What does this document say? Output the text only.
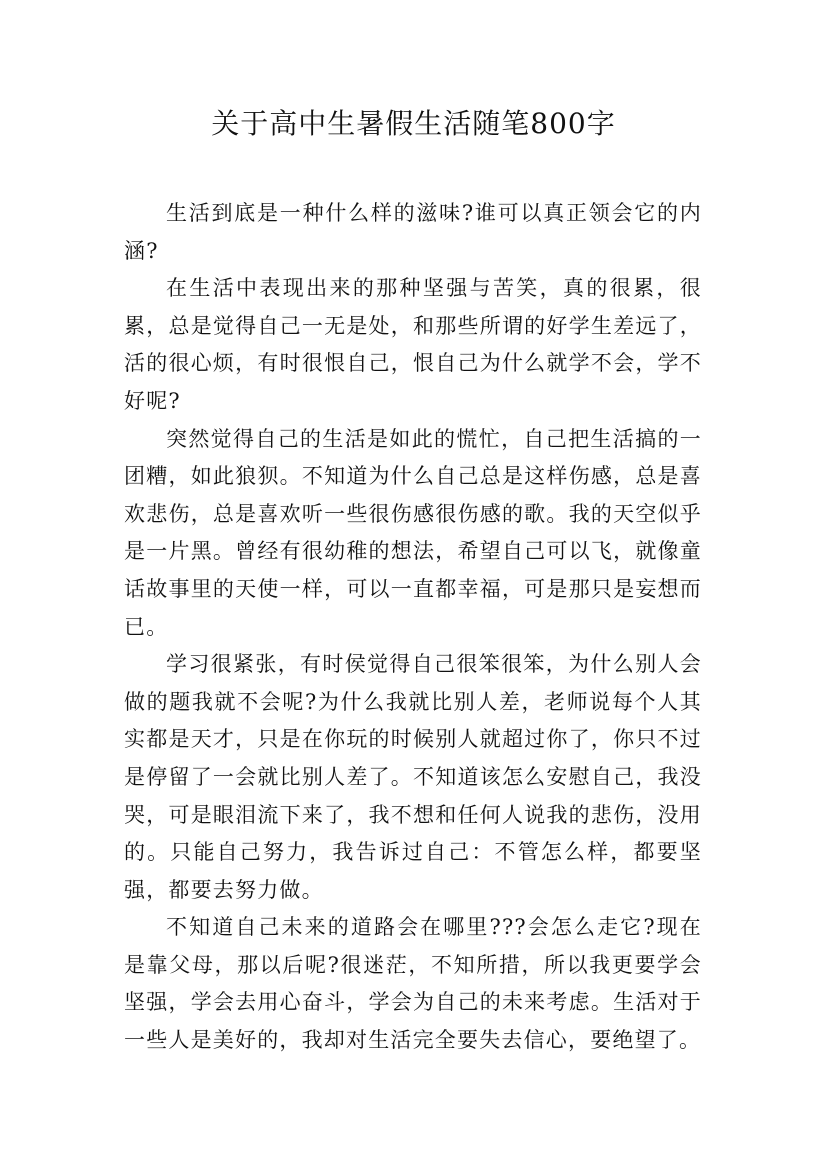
关于高中生暑假生活随笔800字

生活到底是一种什么样的滋味?谁可以真正领会它的内涵?

在生活中表现出来的那种坚强与苦笑，真的很累，很累，总是觉得自己一无是处，和那些所谓的好学生差远了，活的很心烦，有时很恨自己，恨自己为什么就学不会，学不好呢?

突然觉得自己的生活是如此的慌忙，自己把生活搞的一团糟，如此狼狈。不知道为什么自己总是这样伤感，总是喜欢悲伤，总是喜欢听一些很伤感很伤感的歌。我的天空似乎是一片黑。曾经有很幼稚的想法，希望自己可以飞，就像童话故事里的天使一样，可以一直都幸福，可是那只是妄想而已。

学习很紧张，有时侯觉得自己很笨很笨，为什么别人会做的题我就不会呢?为什么我就比别人差，老师说每个人其实都是天才，只是在你玩的时候别人就超过你了，你只不过是停留了一会就比别人差了。不知道该怎么安慰自己，我没哭，可是眼泪流下来了，我不想和任何人说我的悲伤，没用的。只能自己努力，我告诉过自己：不管怎么样，都要坚强，都要去努力做。

不知道自己未来的道路会在哪里???会怎么走它?现在是靠父母，那以后呢?很迷茫，不知所措，所以我更要学会坚强，学会去用心奋斗，学会为自己的未来考虑。生活对于一些人是美好的，我却对生活完全要失去信心，要绝望了。
